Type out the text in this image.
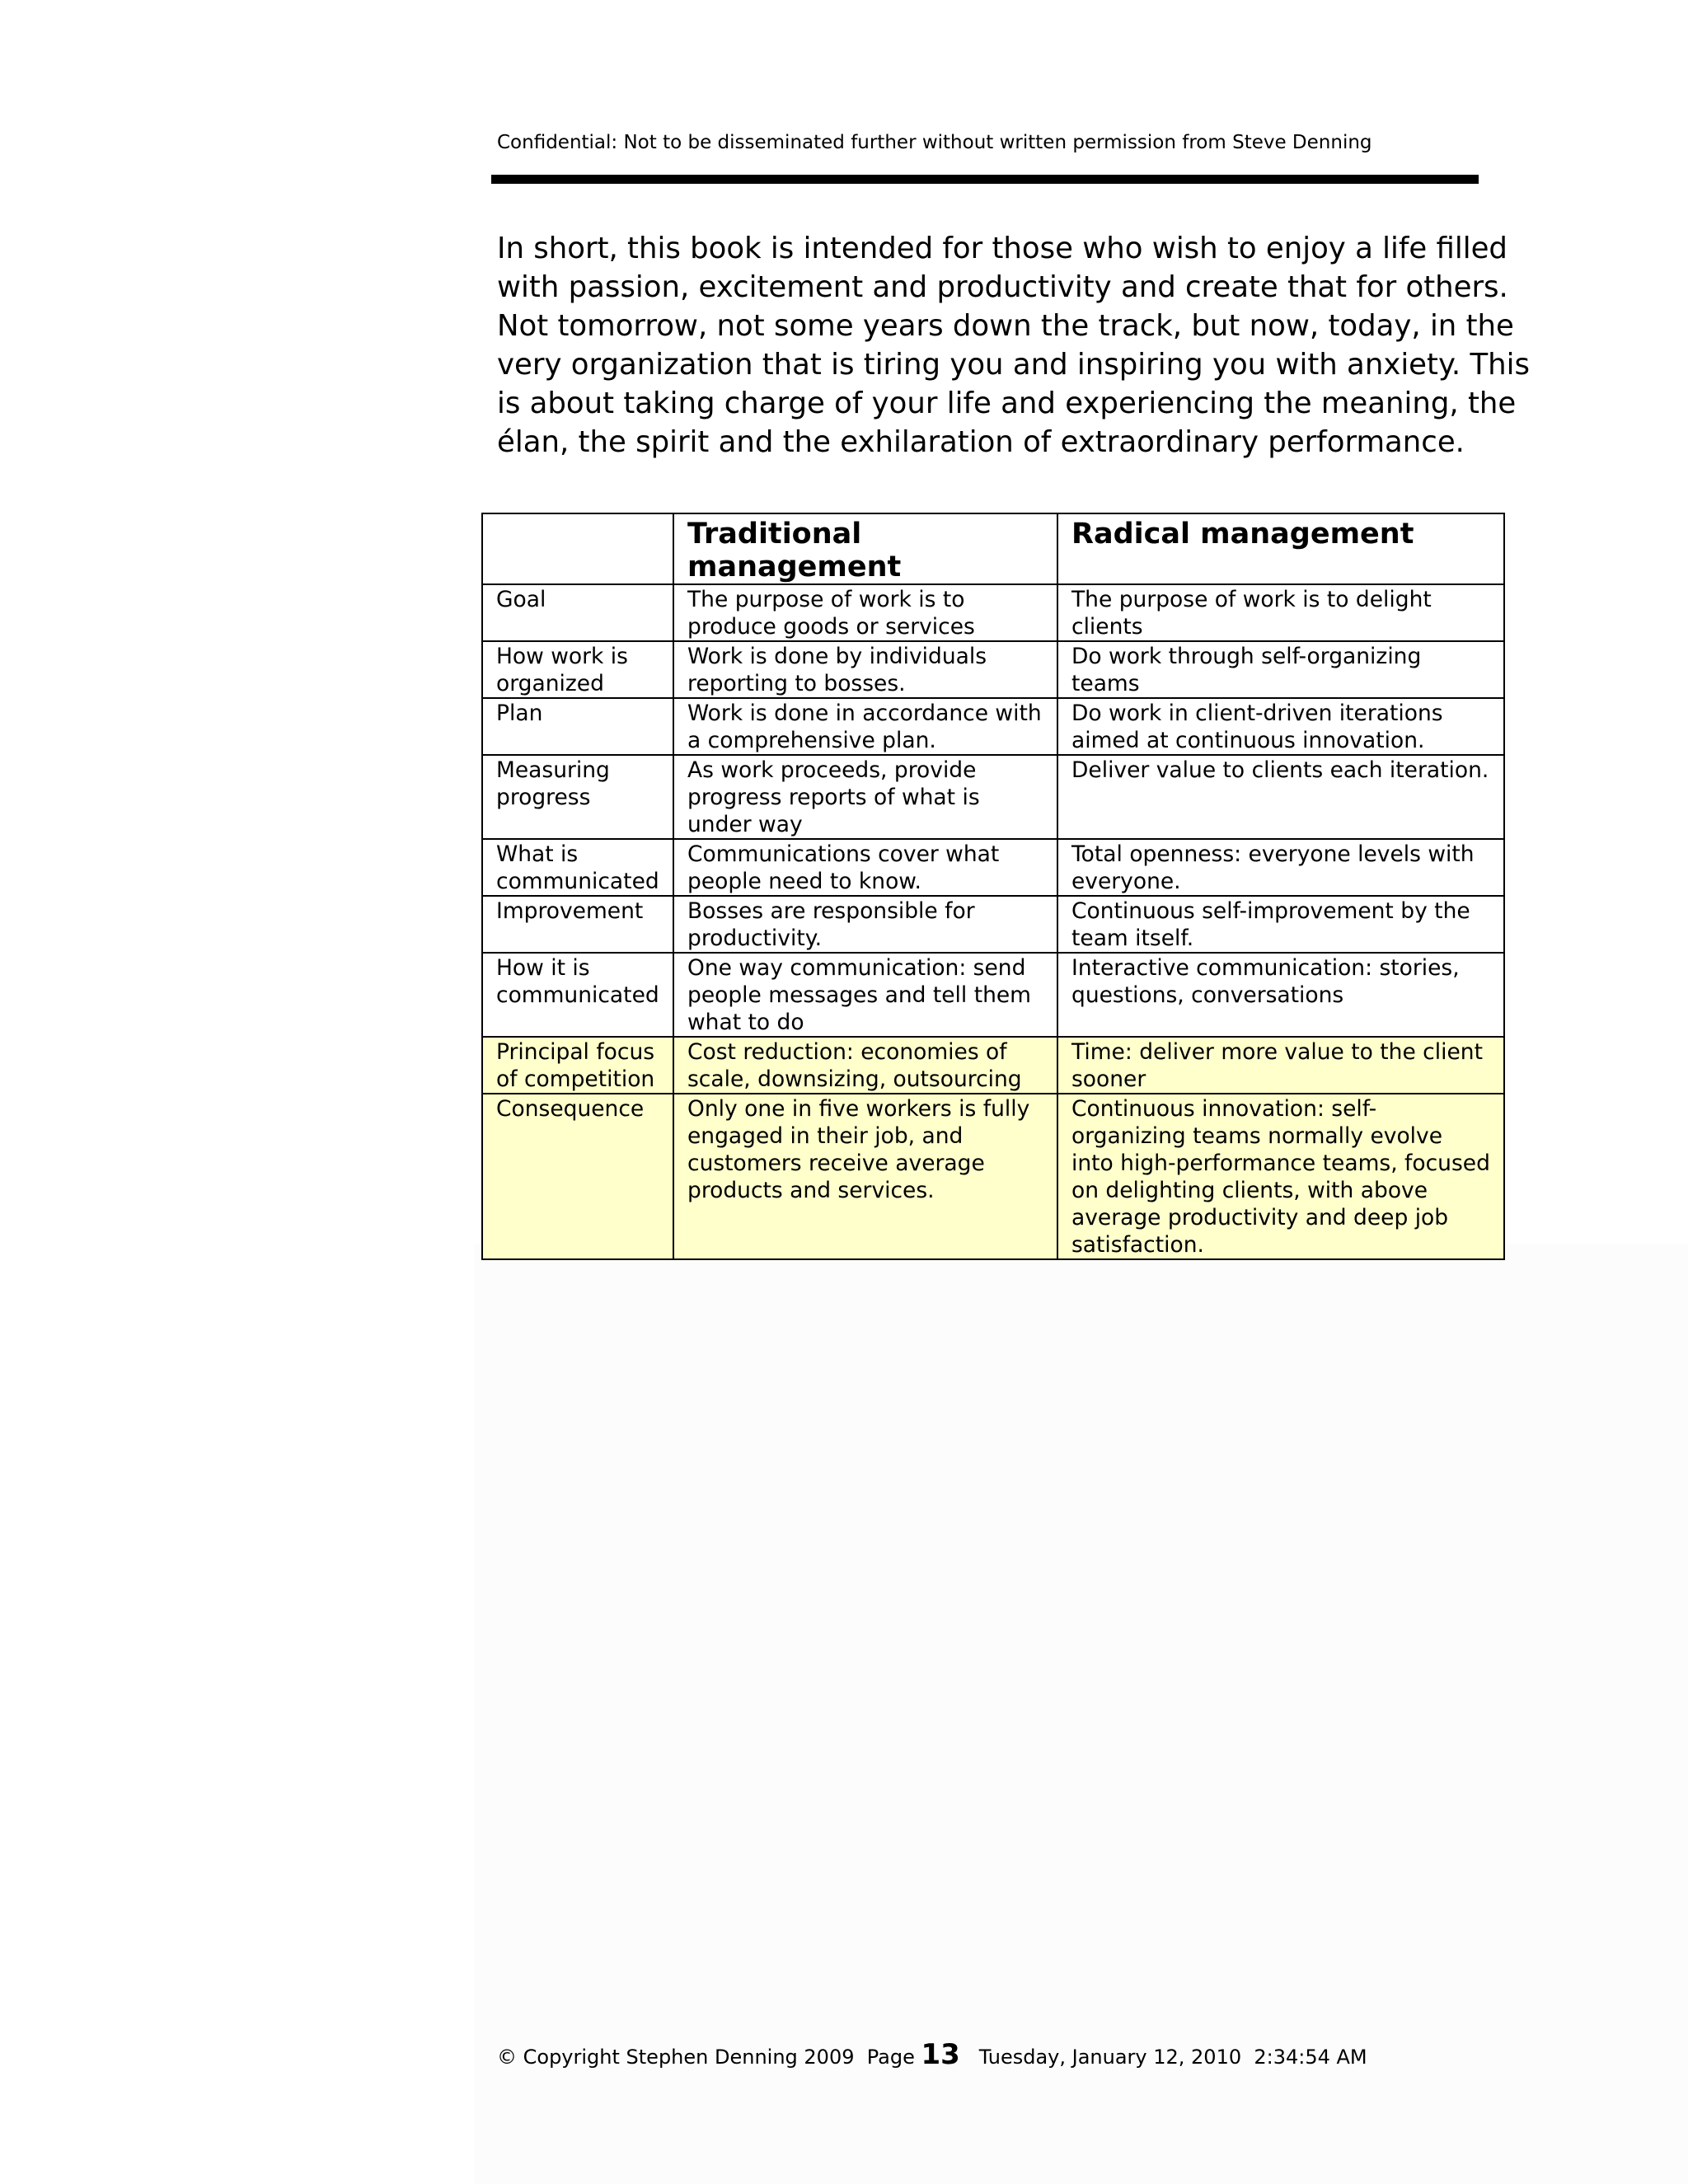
Confidential: Not to be disseminated further without written permission from Steve Denning

In short, this book is intended for those who wish to enjoy a life filled
with passion, excitement and productivity and create that for others.
Not tomorrow, not some years down the track, but now, today, in the
very organization that is tiring you and inspiring you with anxiety. This
is about taking charge of your life and experiencing the meaning, the
élan, the spirit and the exhilaration of extraordinary performance.

	Traditional management	Radical management
Goal	The purpose of work is to produce goods or services	The purpose of work is to delight clients
How work is organized	Work is done by individuals reporting to bosses.	Do work through self-organizing teams
Plan	Work is done in accordance with a comprehensive plan.	Do work in client-driven iterations aimed at continuous innovation.
Measuring progress	As work proceeds, provide progress reports of what is under way	Deliver value to clients each iteration.
What is communicated	Communications cover what people need to know.	Total openness: everyone levels with everyone.
Improvement	Bosses are responsible for productivity.	Continuous self-improvement by the team itself.
How it is communicated	One way communication: send people messages and tell them what to do	Interactive communication: stories, questions, conversations
Principal focus of competition	Cost reduction: economies of scale, downsizing, outsourcing	Time: deliver more value to the client sooner
Consequence	Only one in five workers is fully engaged in their job, and customers receive average products and services.	Continuous innovation: self-organizing teams normally evolve into high-performance teams, focused on delighting clients, with above average productivity and deep job satisfaction.
© Copyright Stephen Denning 2009 Page 13 Tuesday, January 12, 2010  2:34:54 AM
